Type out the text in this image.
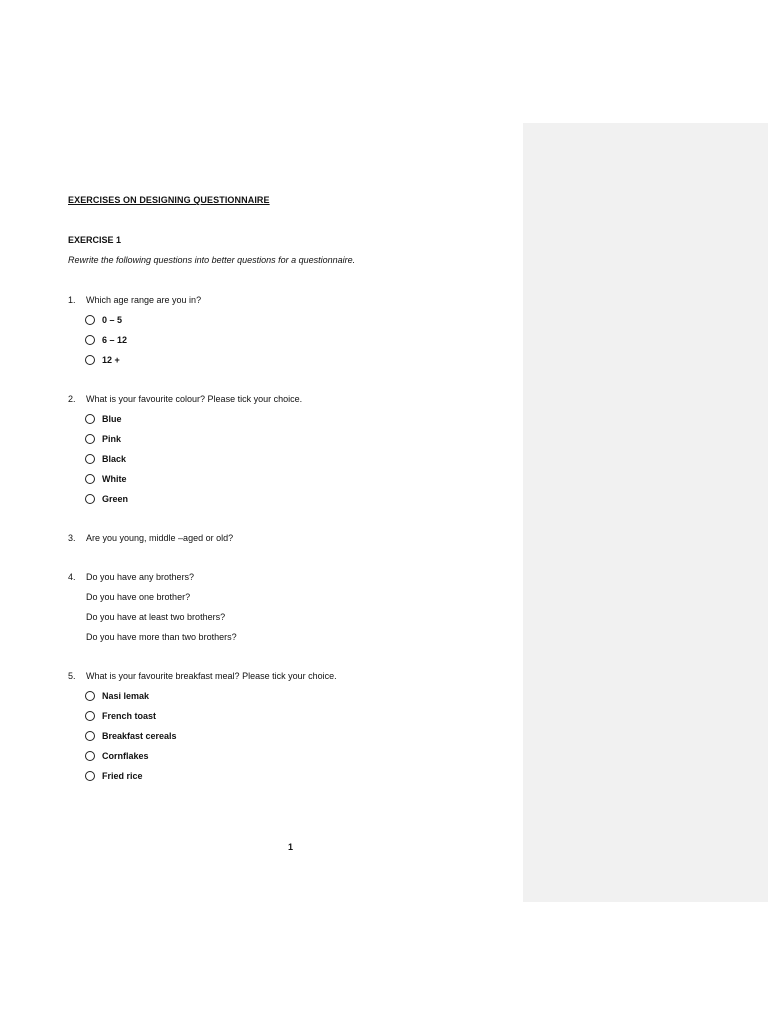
EXERCISES ON DESIGNING QUESTIONNAIRE
EXERCISE 1
Rewrite the following questions into better questions for a questionnaire.
1. Which age range are you in?
0 – 5
6 – 12
12 +
2. What is your favourite colour? Please tick your choice.
Blue
Pink
Black
White
Green
3. Are you young, middle –aged or old?
4. Do you have any brothers?
Do you have one brother?
Do you have at least two brothers?
Do you have more than two brothers?
5. What is your favourite breakfast meal? Please tick your choice.
Nasi lemak
French toast
Breakfast cereals
Cornflakes
Fried rice
1
